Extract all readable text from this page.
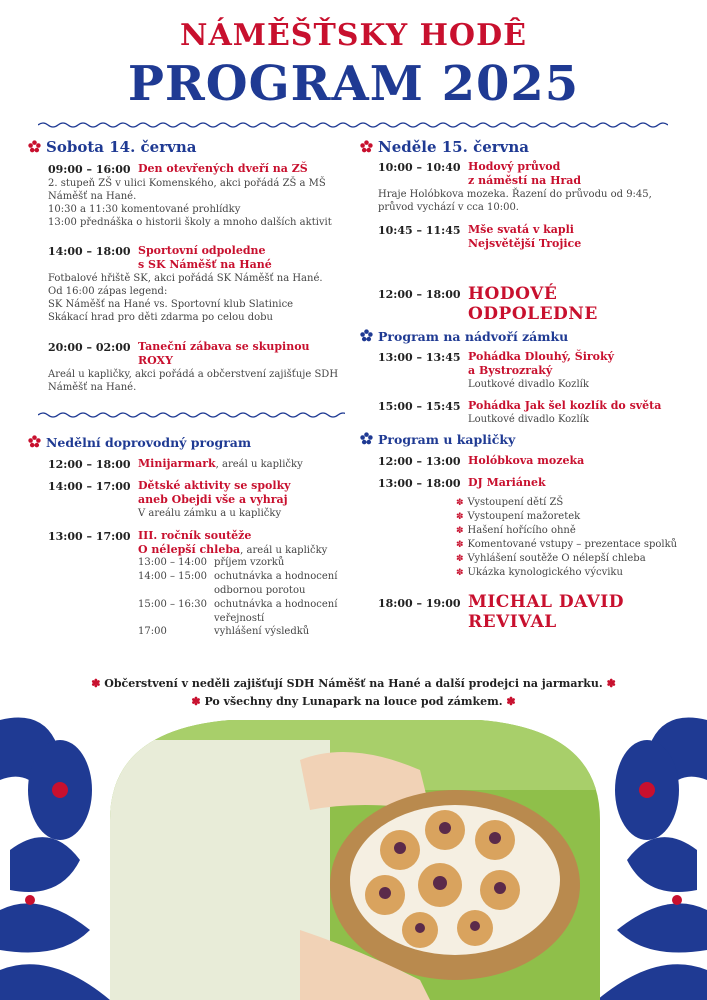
NÁMĚŠŤSKY HODÊ
PROGRAM 2025
Sobota 14. června
09:00 – 16:00 Den otevřených dveří na ZŠ
2. stupeň ZŠ v ulici Komenského, akci pořádá ZŠ a MŠ
Náměšť na Hané.
10:30 a 11:30 komentované prohlídky
13:00 přednáška o historii školy a mnoho dalších aktivit
14:00 – 18:00 Sportovní odpoledne
s SK Náměšť na Hané
Fotbalové hřiště SK, akci pořádá SK Náměšť na Hané.
Od 16:00 zápas legend:
SK Náměšť na Hané vs. Sportovní klub Slatinice
Skákací hrad pro děti zdarma po celou dobu
20:00 – 02:00 Taneční zábava se skupinou
ROXY
Areál u kapličky, akci pořádá a občerstvení zajišťuje SDH
Náměšť na Hané.
Nedělní doprovodný program
12:00 – 18:00 Minijarmark, areál u kapličky
14:00 – 17:00 Dětské aktivity se spolky
aneb Obejdi vše a vyhraj
V areálu zámku a u kapličky
13:00 – 17:00 III. ročník soutěže
O nélepší chleba, areál u kapličky
13:00 – 14:00 příjem vzorků
14:00 – 15:00 ochutnávka a hodnocení
odbornou porotou
15:00 – 16:30 ochutnávka a hodnocení
veřejností
17:00	vyhlášení výsledků
Neděle 15. června
10:00 – 10:40 Hodový průvod
z náměstí na Hrad
Hraje Holóbkova mozeka. Řazení do průvodu od 9:45,
průvod vychází v cca 10:00.
10:45 – 11:45 Mše svatá v kapli
Nejsvětější Trojice
12:00 – 18:00 HODOVÉ
ODPOLEDNE
Program na nádvoří zámku
13:00 – 13:45 Pohádka Dlouhý, Široký
a Bystrozraký
Loutkové divadlo Kozlík
15:00 – 15:45 Pohádka Jak šel kozlík do světa
Loutkové divadlo Kozlík
Program u kapličky
12:00 – 13:00 Holóbkova mozeka
13:00 – 18:00 DJ Mariánek
✽ Vystoupení dětí ZŠ
✽ Vystoupení mažoretek
✽ Hašení hořícího ohně
✽ Komentované vstupy – prezentace spolků
✽ Vyhlášení soutěže O nélepší chleba
✽ Ukázka kynologického výcviku
18:00 – 19:00 MICHAL DAVID
REVIVAL
✽ Občerstvení v neděli zajišťují SDH Náměšť na Hané a další prodejci na jarmarku. ✽
✽ Po všechny dny Lunapark na louce pod zámkem. ✽
